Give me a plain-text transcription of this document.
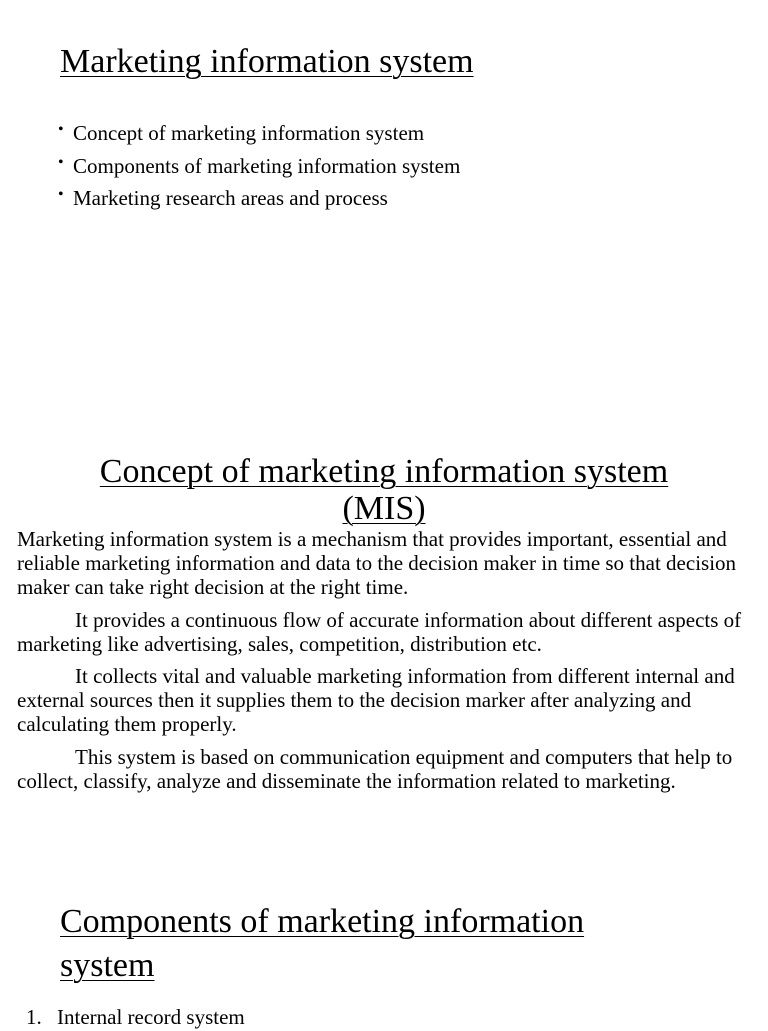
Marketing information system
• Concept of marketing information system
• Components of marketing information system
• Marketing research areas and process
Concept of marketing information system
(MIS)

Marketing information system is a mechanism that provides important, essential and reliable marketing information and data to the decision maker in time so that decision maker can take right decision at the right time.

It provides a continuous flow of accurate information about different aspects of marketing like advertising, sales, competition, distribution etc.

It collects vital and valuable marketing information from different internal and external sources then it supplies them to the decision marker after analyzing and calculating them properly.

This system is based on communication equipment and computers that help to collect, classify, analyze and disseminate the information related to marketing.

Components of marketing information
system
1. Internal record system
